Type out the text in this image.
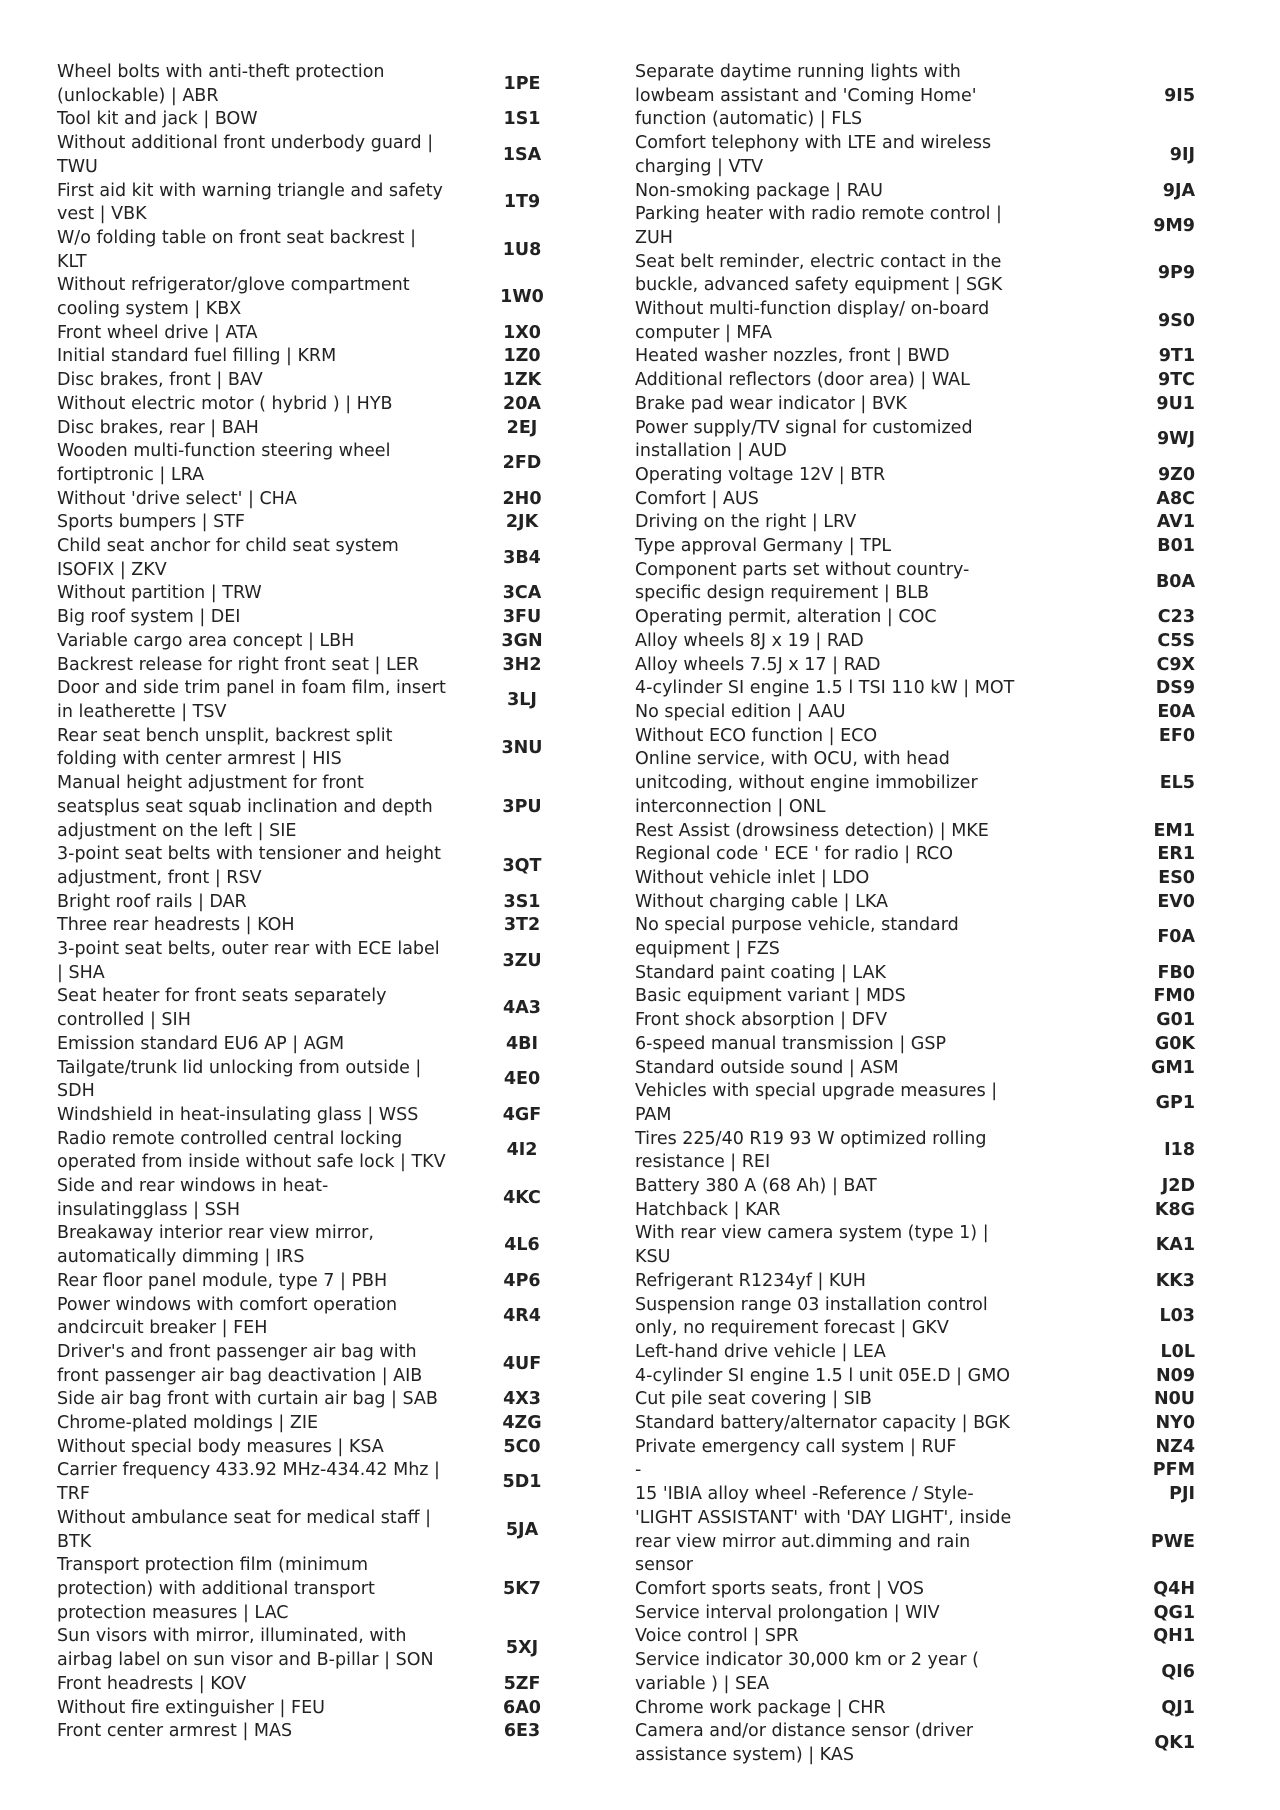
Wheel bolts with anti-theft protection
(unlockable) | ABR
1PE
Tool kit and jack | BOW	1S1
Without additional front underbody guard |
TWU
1SA
First aid kit with warning triangle and safety
vest | VBK
1T9
W/o folding table on front seat backrest |
KLT
1U8
Without refrigerator/glove compartment
cooling system | KBX
1W0
Front wheel drive | ATA	1X0
Initial standard fuel filling | KRM	1Z0
Disc brakes, front | BAV	1ZK
Without electric motor ( hybrid ) | HYB	20A
Disc brakes, rear | BAH	2EJ
Wooden multi-function steering wheel
fortiptronic | LRA
2FD
Without 'drive select' | CHA	2H0
Sports bumpers | STF	2JK
Child seat anchor for child seat system
ISOFIX | ZKV
3B4
Without partition | TRW	3CA
Big roof system | DEI	3FU
Variable cargo area concept | LBH	3GN
Backrest release for right front seat | LER	3H2
Door and side trim panel in foam film, insert
in leatherette | TSV
3LJ
Rear seat bench unsplit, backrest split
folding with center armrest | HIS
3NU
Manual height adjustment for front
seatsplus seat squab inclination and depth
adjustment on the left | SIE
3PU
3-point seat belts with tensioner and height
adjustment, front | RSV
3QT
Bright roof rails | DAR	3S1
Three rear headrests | KOH	3T2
3-point seat belts, outer rear with ECE label
| SHA
3ZU
Seat heater for front seats separately
controlled | SIH
4A3
Emission standard EU6 AP | AGM	4BI
Tailgate/trunk lid unlocking from outside |
SDH
4E0
Windshield in heat-insulating glass | WSS	4GF
Radio remote controlled central locking
operated from inside without safe lock | TKV
4I2
Side and rear windows in heat-
insulatingglass | SSH
4KC
Breakaway interior rear view mirror,
automatically dimming | IRS
4L6
Rear floor panel module, type 7 | PBH	4P6
Power windows with comfort operation
andcircuit breaker | FEH
4R4
Driver's and front passenger air bag with
front passenger air bag deactivation | AIB
4UF
Side air bag front with curtain air bag | SAB	4X3
Chrome-plated moldings | ZIE	4ZG
Without special body measures | KSA	5C0
Carrier frequency 433.92 MHz-434.42 Mhz |
TRF
5D1
Without ambulance seat for medical staff |
BTK
5JA
Transport protection film (minimum
protection) with additional transport
protection measures | LAC
5K7
Sun visors with mirror, illuminated, with
airbag label on sun visor and B-pillar | SON
5XJ
Front headrests | KOV	5ZF
Without fire extinguisher | FEU	6A0
Front center armrest | MAS	6E3
Separate daytime running lights with
lowbeam assistant and 'Coming Home'
function (automatic) | FLS
9I5
Comfort telephony with LTE and wireless
charging | VTV
9IJ
Non-smoking package | RAU	9JA
Parking heater with radio remote control |
ZUH
9M9
Seat belt reminder, electric contact in the
buckle, advanced safety equipment | SGK
9P9
Without multi-function display/ on-board
computer | MFA
9S0
Heated washer nozzles, front | BWD	9T1
Additional reflectors (door area) | WAL	9TC
Brake pad wear indicator | BVK	9U1
Power supply/TV signal for customized
installation | AUD
9WJ
Operating voltage 12V | BTR	9Z0
Comfort | AUS	A8C
Driving on the right | LRV	AV1
Type approval Germany | TPL	B01
Component parts set without country-
specific design requirement | BLB
B0A
Operating permit, alteration | COC	C23
Alloy wheels 8J x 19 | RAD	C5S
Alloy wheels 7.5J x 17 | RAD	C9X
4-cylinder SI engine 1.5 l TSI 110 kW | MOT	DS9
No special edition | AAU	E0A
Without ECO function | ECO	EF0
Online service, with OCU, with head
unitcoding, without engine immobilizer
interconnection | ONL
EL5
Rest Assist (drowsiness detection) | MKE	EM1
Regional code ' ECE ' for radio | RCO	ER1
Without vehicle inlet | LDO	ES0
Without charging cable | LKA	EV0
No special purpose vehicle, standard
equipment | FZS
F0A
Standard paint coating | LAK	FB0
Basic equipment variant | MDS	FM0
Front shock absorption | DFV	G01
6-speed manual transmission | GSP	G0K
Standard outside sound | ASM	GM1
Vehicles with special upgrade measures |
PAM
GP1
Tires 225/40 R19 93 W optimized rolling
resistance | REI
I18
Battery 380 A (68 Ah) | BAT	J2D
Hatchback | KAR	K8G
With rear view camera system (type 1) |
KSU
KA1
Refrigerant R1234yf | KUH	KK3
Suspension range 03 installation control
only, no requirement forecast | GKV
L03
Left-hand drive vehicle | LEA	L0L
4-cylinder SI engine 1.5 l unit 05E.D | GMO	N09
Cut pile seat covering | SIB	N0U
Standard battery/alternator capacity | BGK	NY0
Private emergency call system | RUF	NZ4
-	PFM
15 'IBIA alloy wheel -Reference / Style-	PJI
'LIGHT ASSISTANT' with 'DAY LIGHT', inside
rear view mirror aut.dimming and rain
sensor
PWE
Comfort sports seats, front | VOS	Q4H
Service interval prolongation | WIV	QG1
Voice control | SPR	QH1
Service indicator 30,000 km or 2 year (
variable ) | SEA
QI6
Chrome work package | CHR	QJ1
Camera and/or distance sensor (driver
assistance system) | KAS
QK1
